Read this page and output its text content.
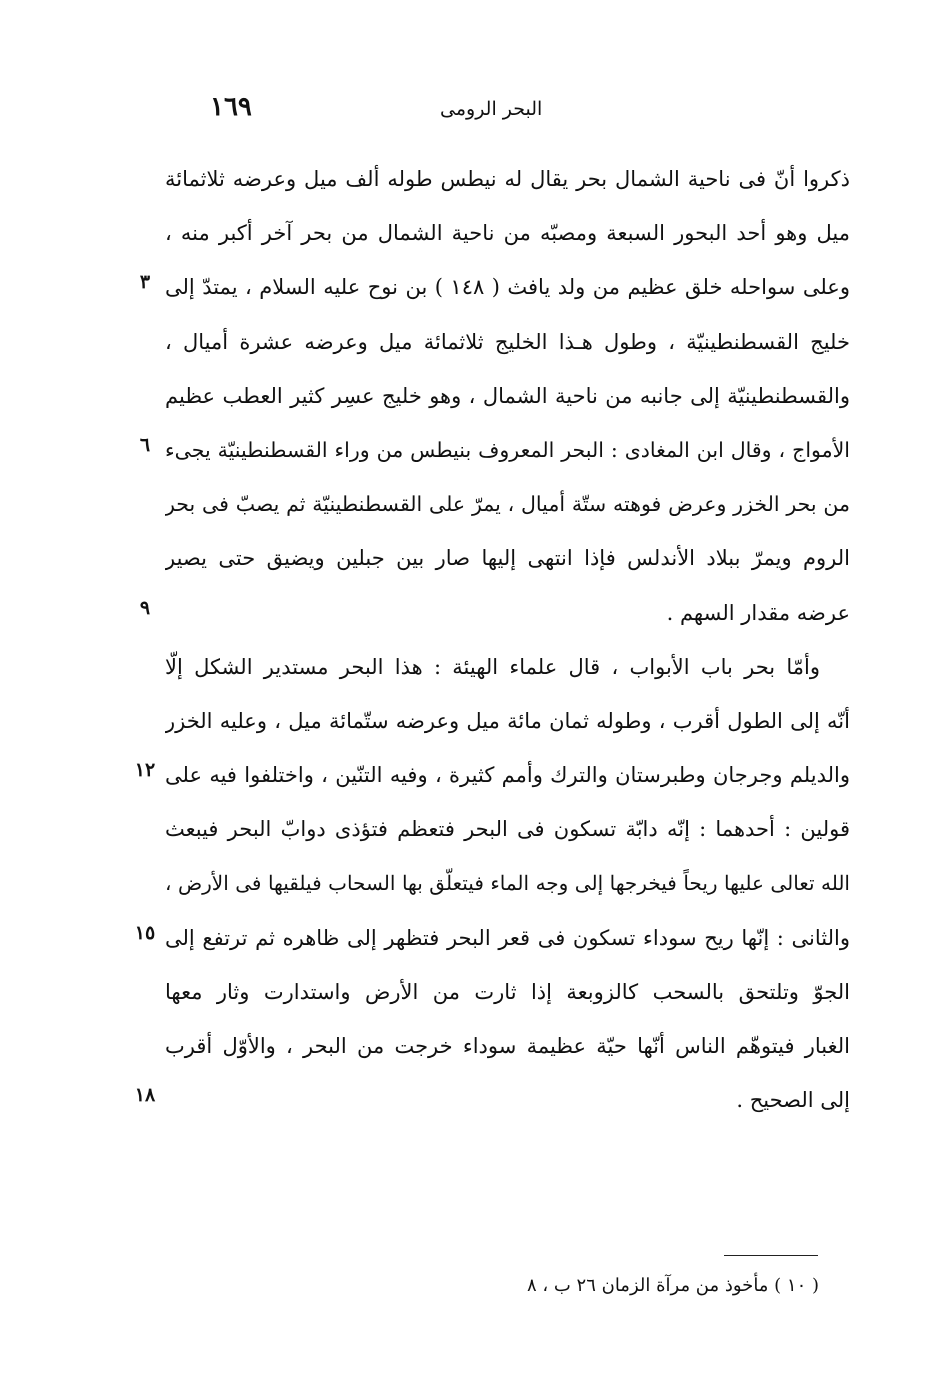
١٦٩	البحر الرومى
ذكروا أنّ فى ناحية الشمال بحر يقال له نيطس طوله ألف ميل وعرضه ثلاثمائة
ميل وهو أحد البحور السبعة ومصبّه من ناحية الشمال من بحر آخر أكبر منه ،
وعلى سواحله خلق عظيم من ولد يافث ( ١٤٨ ) بن نوح عليه السلام ، يمتدّ إلى
٣
خليج القسطنطينيّة ، وطول هـذا الخليج ثلاثمائة ميل وعرضه عشرة أميال ،
والقسطنطينيّة إلى جانبه من ناحية الشمال ، وهو خليج عسِر كثير العطب عظيم
الأمواج ، وقال ابن المغادى : البحر المعروف بنيطس من وراء القسطنطينيّة يجىء
٦
من بحر الخزر وعرض فوهته ستّة أميال ، يمرّ على القسطنطينيّة ثم يصبّ فى بحر
الروم ويمرّ ببلاد الأندلس فإذا انتهى إليها صار بين جبلين ويضيق حتى يصير
عرضه مقدار السهم .
٩
وأمّا بحر باب الأبواب ، قال علماء الهيئة : هذا البحر مستدير الشكل إلّا
أنّه إلى الطول أقرب ، وطوله ثمان مائة ميل وعرضه ستّمائة ميل ، وعليه الخزر
والديلم وجرجان وطبرستان والترك وأمم كثيرة ، وفيه التنّين ، واختلفوا فيه على
١٢
قولين : أحدهما : إنّه دابّة تسكون فى البحر فتعظم فتؤذى دوابّ البحر فيبعث
الله تعالى عليها ريحاً فيخرجها إلى وجه الماء فيتعلّق بها السحاب فيلقيها فى الأرض ،
والثانى : إنّها ريح سوداء تسكون فى قعر البحر فتظهر إلى ظاهره ثم ترتفع إلى
١٥
الجوّ وتلتحق بالسحب كالزوبعة إذا ثارت من الأرض واستدارت وثار معها
الغبار فيتوهّم الناس أنّها حيّة عظيمة سوداء خرجت من البحر ، والأوّل أقرب
إلى الصحيح .
١٨
( ١٠ ) مأخوذ من مرآة الزمان ٢٦ ب ، ٨
